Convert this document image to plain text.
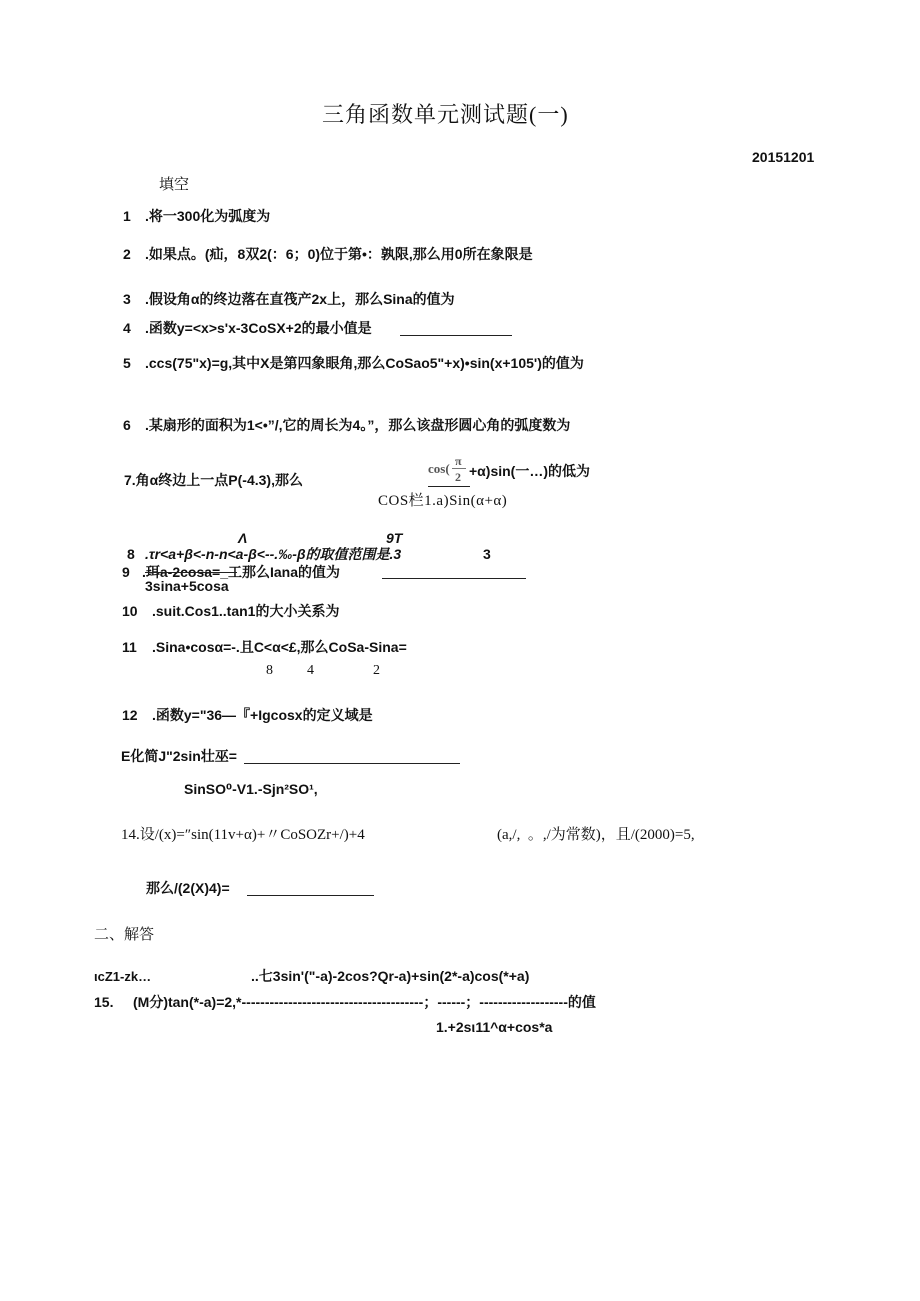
三角函数单元测试题(一)
20151201
填空
1 .将一300化为弧度为
2 .如果点。(疝，8双2(：6；0)位于第•：孰限,那么用0所在象限是
3 .假设角α的终边落在直筏产2x上，那么Sina的值为
4 .函数y=<x>s'x-3CoSX+2的最小值是
5 .ccs(75"x)=g,其中X是第四象眼角,那么CoSao5"+x)•sin(x+105')的值为
6 .某扇形的面积为1<•”/,它的周长为4。”，那么该盘形圆心角的弧度数为
7.角α终边上一点P(-4.3),那么
cos( π
2 +α)sin(一…)的低为
COS栏1.a)Sin(α+α)
Λ	9T
8 .τr<a+β<-n-n<a-β<--.‰-β的取值范围是.3	3
9 .珥a-2cosa=_工那么Iana的值为
3sina+5cosa
10 .suit.Cos1..tan1的大小关系为
11 .Sina•cosα=-.且C<α<£,那么CoSa-Sina=
8 4	2
12 .函数y="36—『+Igcosx的定义域是
E化简J"2sin壮巫=
SinSO⁰-V1.-Sjn²SO¹,
14.设/(x)=″sin(11v+α)+〃CoSOZr+/)+4	(a,/,  。,/为常数)，且/(2000)=5,
那么/(2(X)4)=
二、解答
ιcZ1-zk…	..七3sin'("-a)-2cos?Qr-a)+sin(2*-a)cos(*+a)
15. (M分)tan(*-a)=2,*---------------------------------------；------；-------------------的值
1.+2sι11^α+cos*a
